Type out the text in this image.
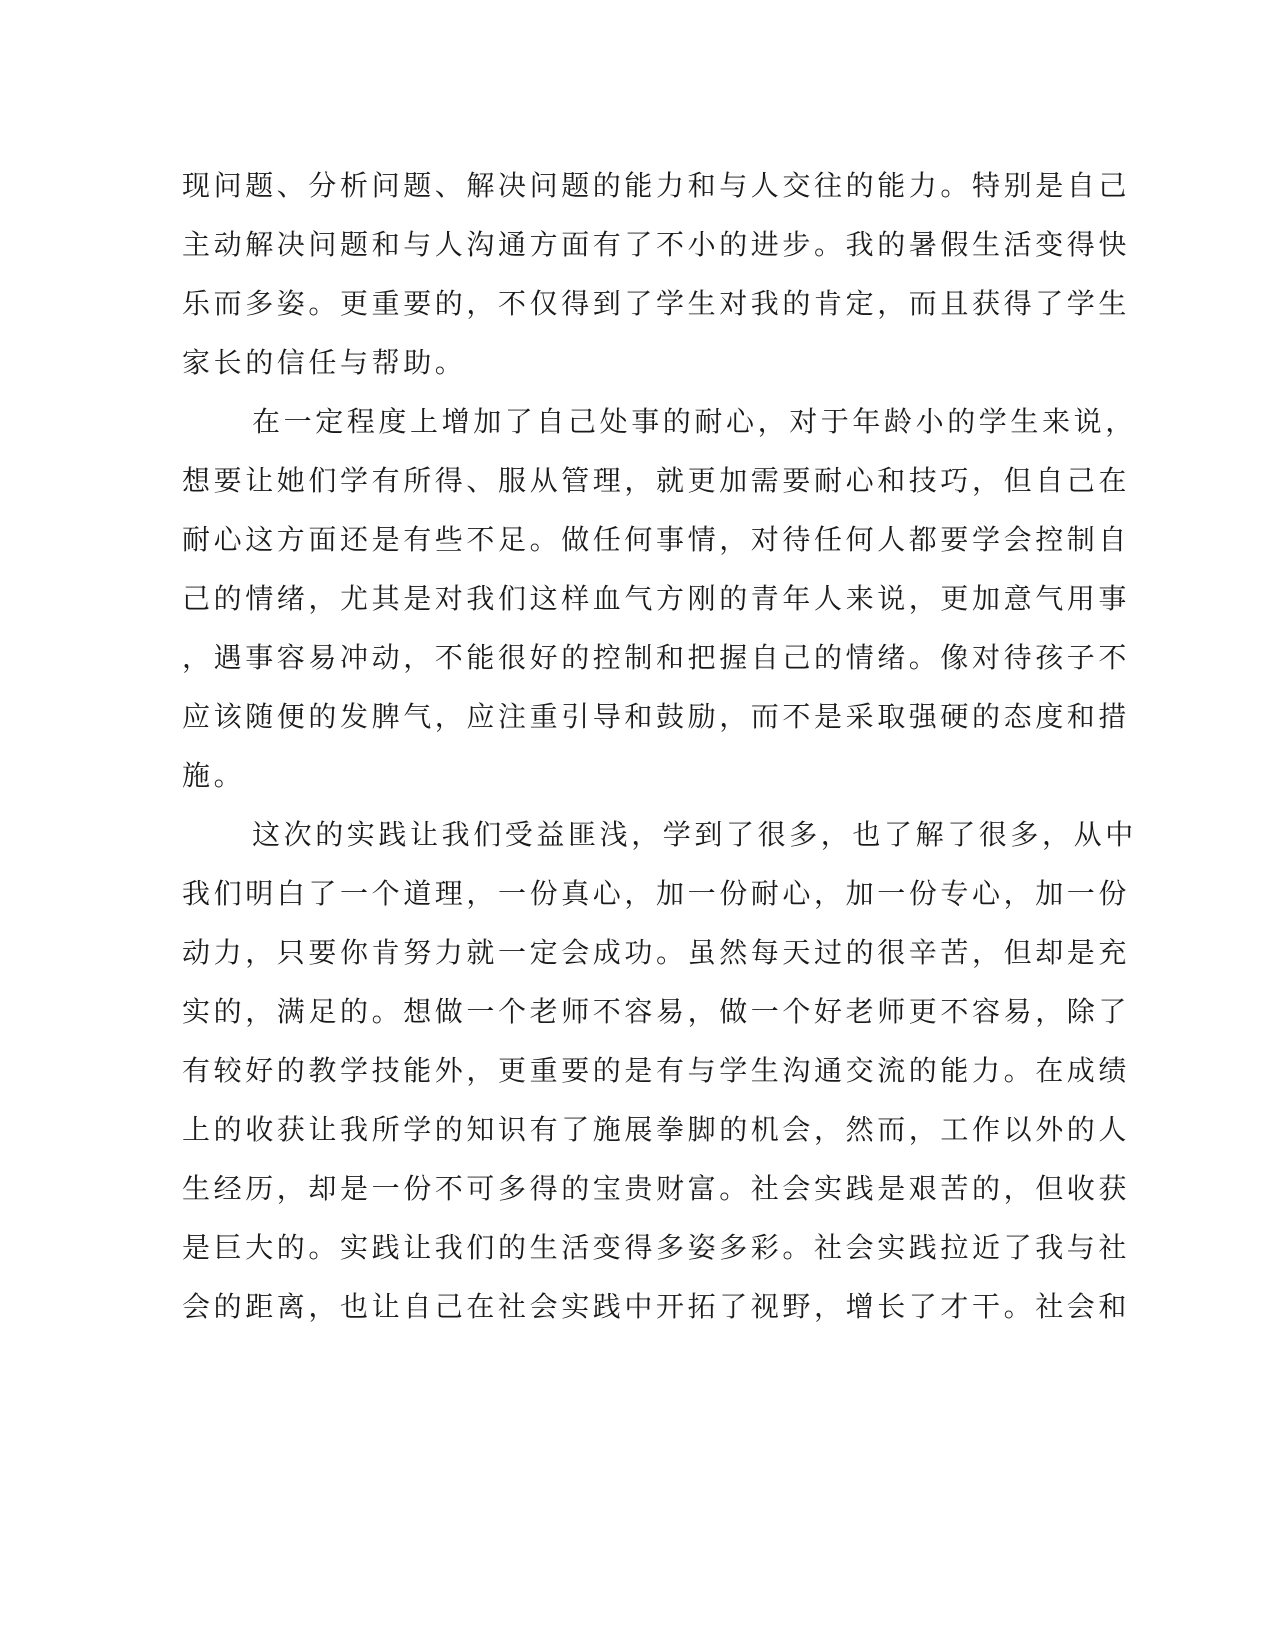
现问题、分析问题、解决问题的能力和与人交往的能力。特别是自己
主动解决问题和与人沟通方面有了不小的进步。我的暑假生活变得快
乐而多姿。更重要的，不仅得到了学生对我的肯定，而且获得了学生
家长的信任与帮助。
在一定程度上增加了自己处事的耐心，对于年龄小的学生来说，
想要让她们学有所得、服从管理，就更加需要耐心和技巧，但自己在
耐心这方面还是有些不足。做任何事情，对待任何人都要学会控制自
己的情绪，尤其是对我们这样血气方刚的青年人来说，更加意气用事
，遇事容易冲动，不能很好的控制和把握自己的情绪。像对待孩子不
应该随便的发脾气，应注重引导和鼓励，而不是采取强硬的态度和措
施。
这次的实践让我们受益匪浅，学到了很多，也了解了很多，从中
我们明白了一个道理，一份真心，加一份耐心，加一份专心，加一份
动力，只要你肯努力就一定会成功。虽然每天过的很辛苦，但却是充
实的，满足的。想做一个老师不容易，做一个好老师更不容易，除了
有较好的教学技能外，更重要的是有与学生沟通交流的能力。在成绩
上的收获让我所学的知识有了施展拳脚的机会，然而，工作以外的人
生经历，却是一份不可多得的宝贵财富。社会实践是艰苦的，但收获
是巨大的。实践让我们的生活变得多姿多彩。社会实践拉近了我与社
会的距离，也让自己在社会实践中开拓了视野，增长了才干。社会和
